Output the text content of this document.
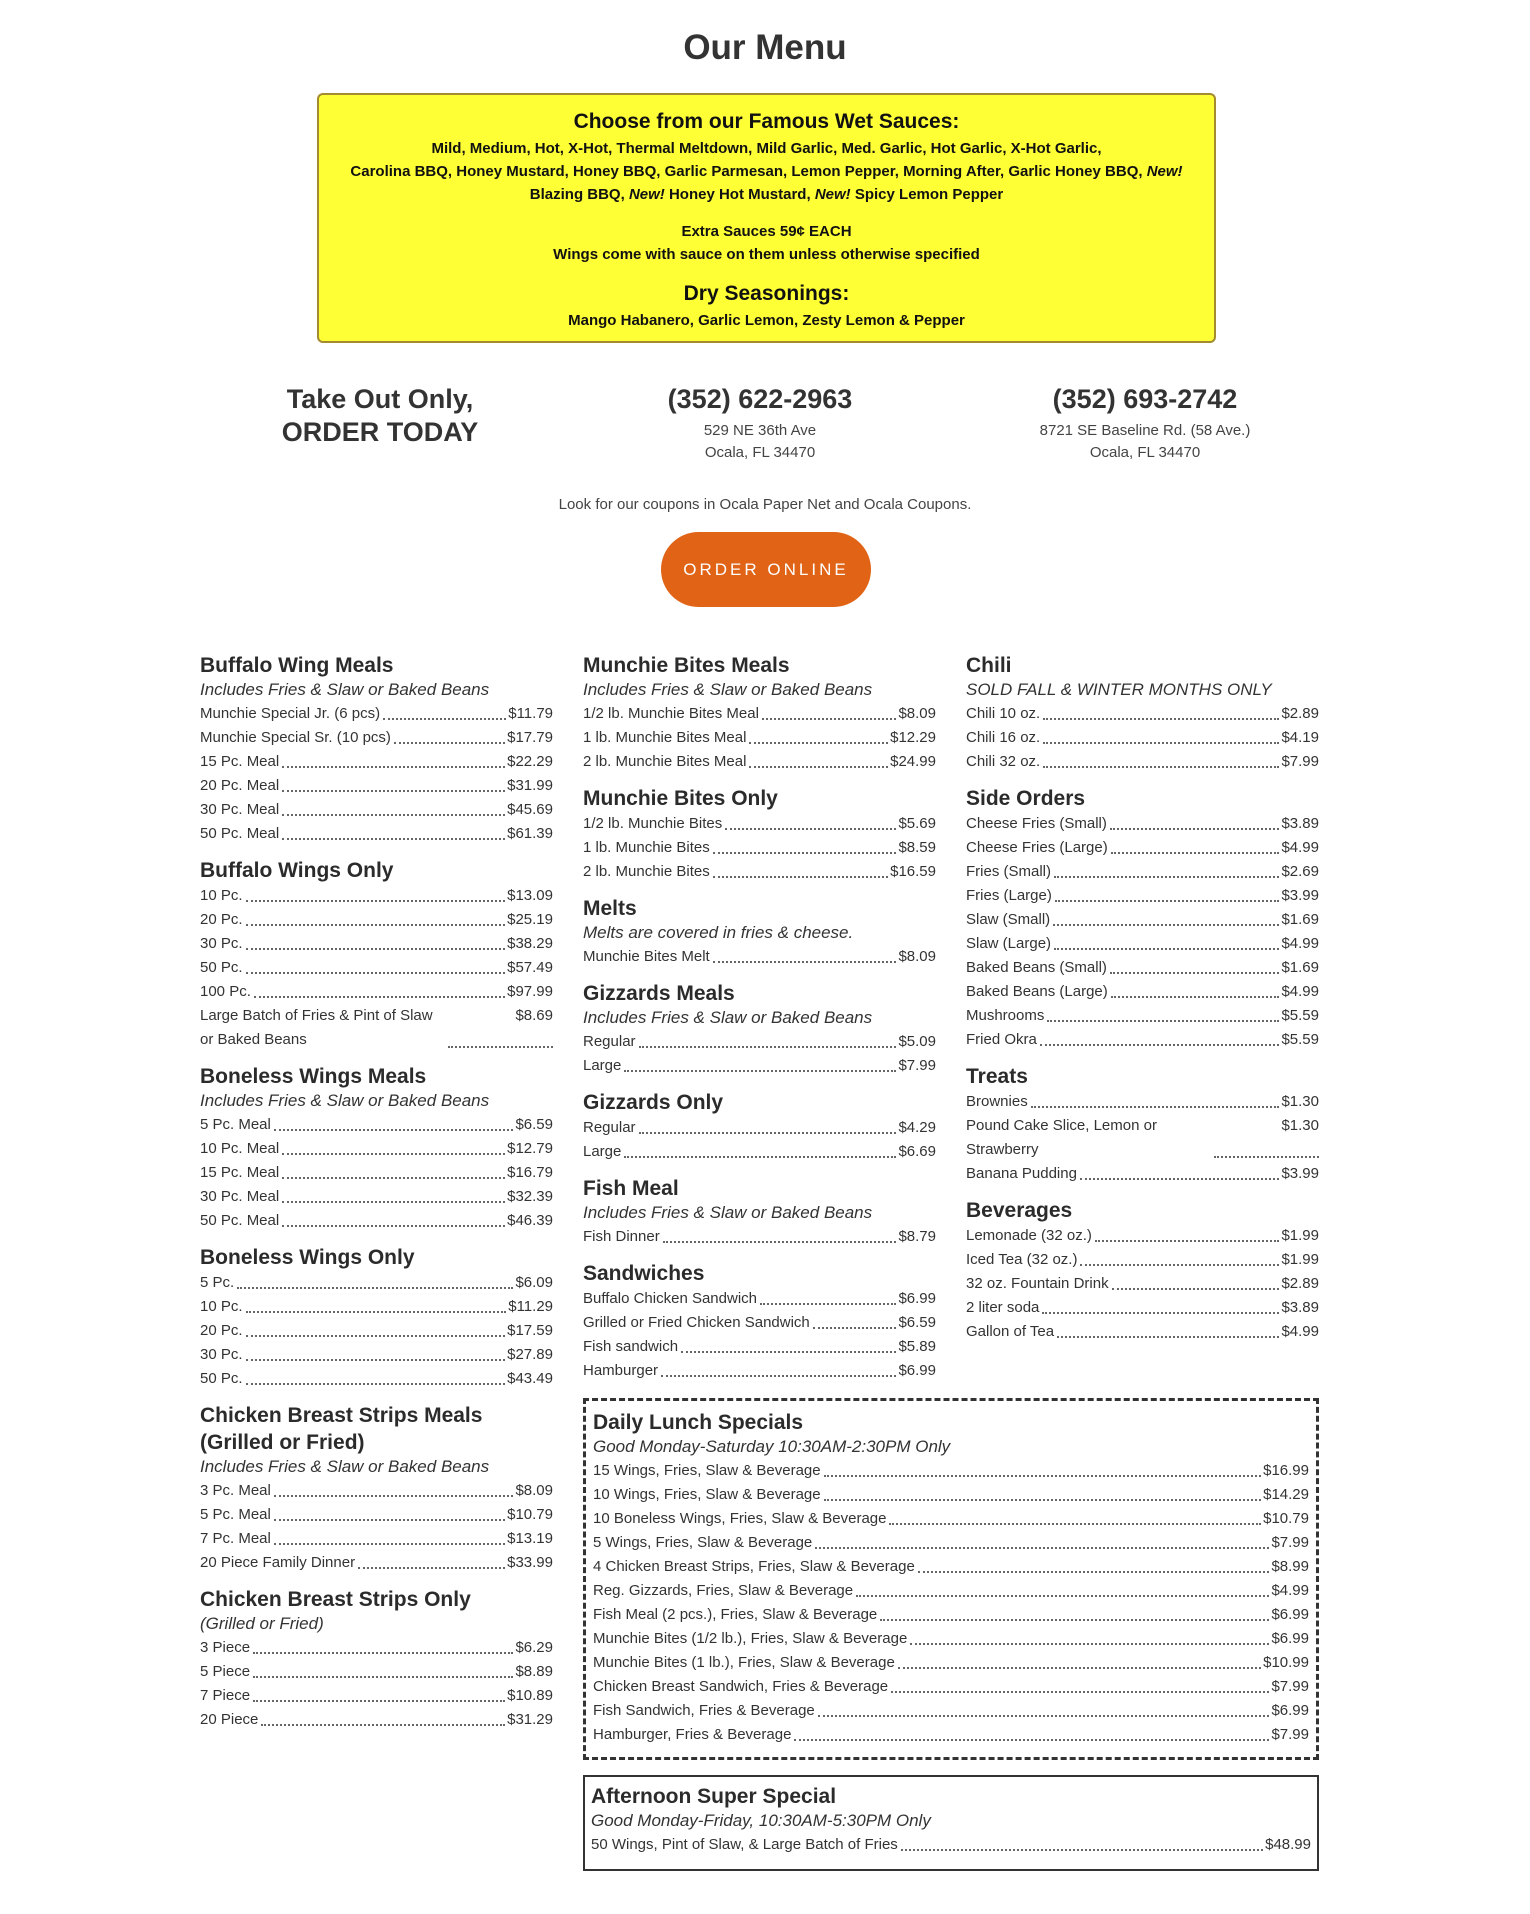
Our Menu
Choose from our Famous Wet Sauces:
Mild, Medium, Hot, X-Hot, Thermal Meltdown, Mild Garlic, Med. Garlic, Hot Garlic, X-Hot Garlic,
Carolina BBQ, Honey Mustard, Honey BBQ, Garlic Parmesan, Lemon Pepper, Morning After, Garlic Honey BBQ, New!
Blazing BBQ, New! Honey Hot Mustard, New! Spicy Lemon Pepper
Extra Sauces 59¢ EACH
Wings come with sauce on them unless otherwise specified
Dry Seasonings:
Mango Habanero, Garlic Lemon, Zesty Lemon & Pepper
Take Out Only,
ORDER TODAY
(352) 622-2963
529 NE 36th Ave
Ocala, FL 34470
(352) 693-2742
8721 SE Baseline Rd. (58 Ave.)
Ocala, FL 34470
Look for our coupons in Ocala Paper Net and Ocala Coupons.
ORDER ONLINE
Buffalo Wing Meals
Includes Fries & Slaw or Baked Beans
Munchie Special Jr. (6 pcs)	$11.79
Munchie Special Sr. (10 pcs)	$17.79
15 Pc. Meal	$22.29
20 Pc. Meal	$31.99
30 Pc. Meal	$45.69
50 Pc. Meal	$61.39
Buffalo Wings Only
10 Pc.	$13.09
20 Pc.	$25.19
30 Pc.	$38.29
50 Pc.	$57.49
100 Pc.	$97.99
Large Batch of Fries & Pint of Slaw
or Baked Beans
$8.69
Boneless Wings Meals
Includes Fries & Slaw or Baked Beans
5 Pc. Meal	$6.59
10 Pc. Meal	$12.79
15 Pc. Meal	$16.79
30 Pc. Meal	$32.39
50 Pc. Meal	$46.39
Boneless Wings Only
5 Pc.	$6.09
10 Pc.	$11.29
20 Pc.	$17.59
30 Pc.	$27.89
50 Pc.	$43.49
Chicken Breast Strips Meals
(Grilled or Fried)
Includes Fries & Slaw or Baked Beans
3 Pc. Meal	$8.09
5 Pc. Meal	$10.79
7 Pc. Meal	$13.19
20 Piece Family Dinner	$33.99
Chicken Breast Strips Only
(Grilled or Fried)
3 Piece	$6.29
5 Piece	$8.89
7 Piece	$10.89
20 Piece	$31.29
Munchie Bites Meals
Includes Fries & Slaw or Baked Beans
1/2 lb. Munchie Bites Meal	$8.09
1 lb. Munchie Bites Meal	$12.29
2 lb. Munchie Bites Meal	$24.99
Munchie Bites Only
1/2 lb. Munchie Bites	$5.69
1 lb. Munchie Bites	$8.59
2 lb. Munchie Bites	$16.59
Melts
Melts are covered in fries & cheese.
Munchie Bites Melt	$8.09
Gizzards Meals
Includes Fries & Slaw or Baked Beans
Regular	$5.09
Large	$7.99
Gizzards Only
Regular	$4.29
Large	$6.69
Fish Meal
Includes Fries & Slaw or Baked Beans
Fish Dinner	$8.79
Sandwiches
Buffalo Chicken Sandwich	$6.99
Grilled or Fried Chicken Sandwich	$6.59
Fish sandwich	$5.89
Hamburger	$6.99
Chili
SOLD FALL & WINTER MONTHS ONLY
Chili 10 oz.	$2.89
Chili 16 oz.	$4.19
Chili 32 oz.	$7.99
Side Orders
Cheese Fries (Small)	$3.89
Cheese Fries (Large)	$4.99
Fries (Small)	$2.69
Fries (Large)	$3.99
Slaw (Small)	$1.69
Slaw (Large)	$4.99
Baked Beans (Small)	$1.69
Baked Beans (Large)	$4.99
Mushrooms	$5.59
Fried Okra	$5.59
Treats
Brownies	$1.30
Pound Cake Slice, Lemon or
Strawberry
$1.30
Banana Pudding	$3.99
Beverages
Lemonade (32 oz.)	$1.99
Iced Tea (32 oz.)	$1.99
32 oz. Fountain Drink	$2.89
2 liter soda	$3.89
Gallon of Tea	$4.99
Daily Lunch Specials
Good Monday-Saturday 10:30AM-2:30PM Only
15 Wings, Fries, Slaw & Beverage	$16.99
10 Wings, Fries, Slaw & Beverage	$14.29
10 Boneless Wings, Fries, Slaw & Beverage	$10.79
5 Wings, Fries, Slaw & Beverage	$7.99
4 Chicken Breast Strips, Fries, Slaw & Beverage	$8.99
Reg. Gizzards, Fries, Slaw & Beverage	$4.99
Fish Meal (2 pcs.), Fries, Slaw & Beverage	$6.99
Munchie Bites (1/2 lb.), Fries, Slaw & Beverage	$6.99
Munchie Bites (1 lb.), Fries, Slaw & Beverage	$10.99
Chicken Breast Sandwich, Fries & Beverage	$7.99
Fish Sandwich, Fries & Beverage	$6.99
Hamburger, Fries & Beverage	$7.99
Afternoon Super Special
Good Monday-Friday, 10:30AM-5:30PM Only
50 Wings, Pint of Slaw, & Large Batch of Fries	$48.99
